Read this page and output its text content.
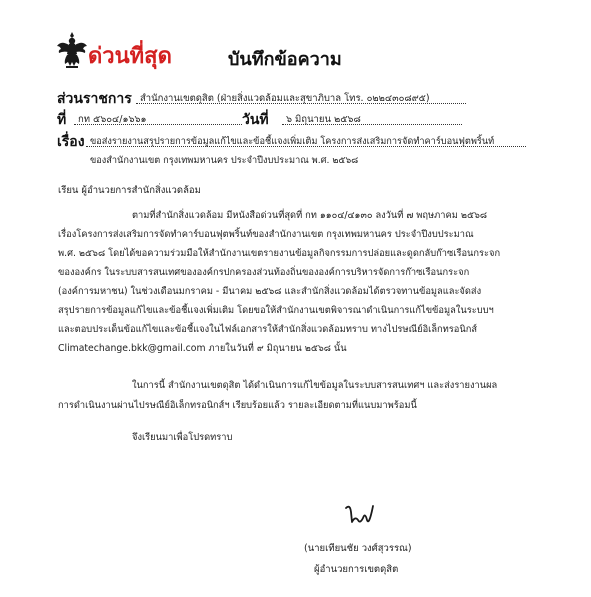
ด่วนที่สุด	บันทึกข้อความ
ส่วนราชการ สำนักงานเขตดุสิต (ฝ่ายสิ่งแวดล้อมและสุขาภิบาล โทร. ๐๒๒๔๓๐๘๙๕)
ที่ กท ๕๖๐๔/๑๖๖๑	วันที่ ๖ มิถุนายน ๒๕๖๘
เรื่อง ขอส่งรายงานสรุปรายการข้อมูลแก้ไขและข้อชี้แจงเพิ่มเติม โครงการส่งเสริมการจัดทำคาร์บอนฟุตพริ้นท์
ของสำนักงานเขต กรุงเทพมหานคร ประจำปีงบประมาณ พ.ศ. ๒๕๖๘
เรียน ผู้อำนวยการสำนักสิ่งแวดล้อม
ตามที่สำนักสิ่งแวดล้อม มีหนังสือด่วนที่สุดที่ กท ๑๑๐๔/๔๑๓๐ ลงวันที่ ๗ พฤษภาคม ๒๕๖๘
เรื่องโครงการส่งเสริมการจัดทำคาร์บอนฟุตพริ้นท์ของสำนักงานเขต กรุงเทพมหานคร ประจำปีงบประมาณ
พ.ศ. ๒๕๖๘ โดยได้ขอความร่วมมือให้สำนักงานเขตรายงานข้อมูลกิจกรรมการปล่อยและดูดกลับก๊าซเรือนกระจก
ขององค์กร ในระบบสารสนเทศขององค์กรปกครองส่วนท้องถิ่นขององค์การบริหารจัดการก๊าซเรือนกระจก
(องค์การมหาชน) ในช่วงเดือนมกราคม - มีนาคม ๒๕๖๘ และสำนักสิ่งแวดล้อมได้ตรวจทานข้อมูลและจัดส่ง
สรุปรายการข้อมูลแก้ไขและข้อชี้แจงเพิ่มเติม โดยขอให้สำนักงานเขตพิจารณาดำเนินการแก้ไขข้อมูลในระบบฯ
และตอบประเด็นข้อแก้ไขและข้อชี้แจงในไฟล์เอกสารให้สำนักสิ่งแวดล้อมทราบ ทางไปรษณีย์อิเล็กทรอนิกส์
Climatechange.bkk@gmail.com ภายในวันที่ ๙ มิถุนายน ๒๕๖๘ นั้น
ในการนี้ สำนักงานเขตดุสิต ได้ดำเนินการแก้ไขข้อมูลในระบบสารสนเทศฯ และส่งรายงานผล
การดำเนินงานผ่านไปรษณีย์อิเล็กทรอนิกส์ฯ เรียบร้อยแล้ว รายละเอียดตามที่แนบมาพร้อมนี้
จึงเรียนมาเพื่อโปรดทราบ
(นายเทียนชัย วงศ์สุวรรณ)
ผู้อำนวยการเขตดุสิต
